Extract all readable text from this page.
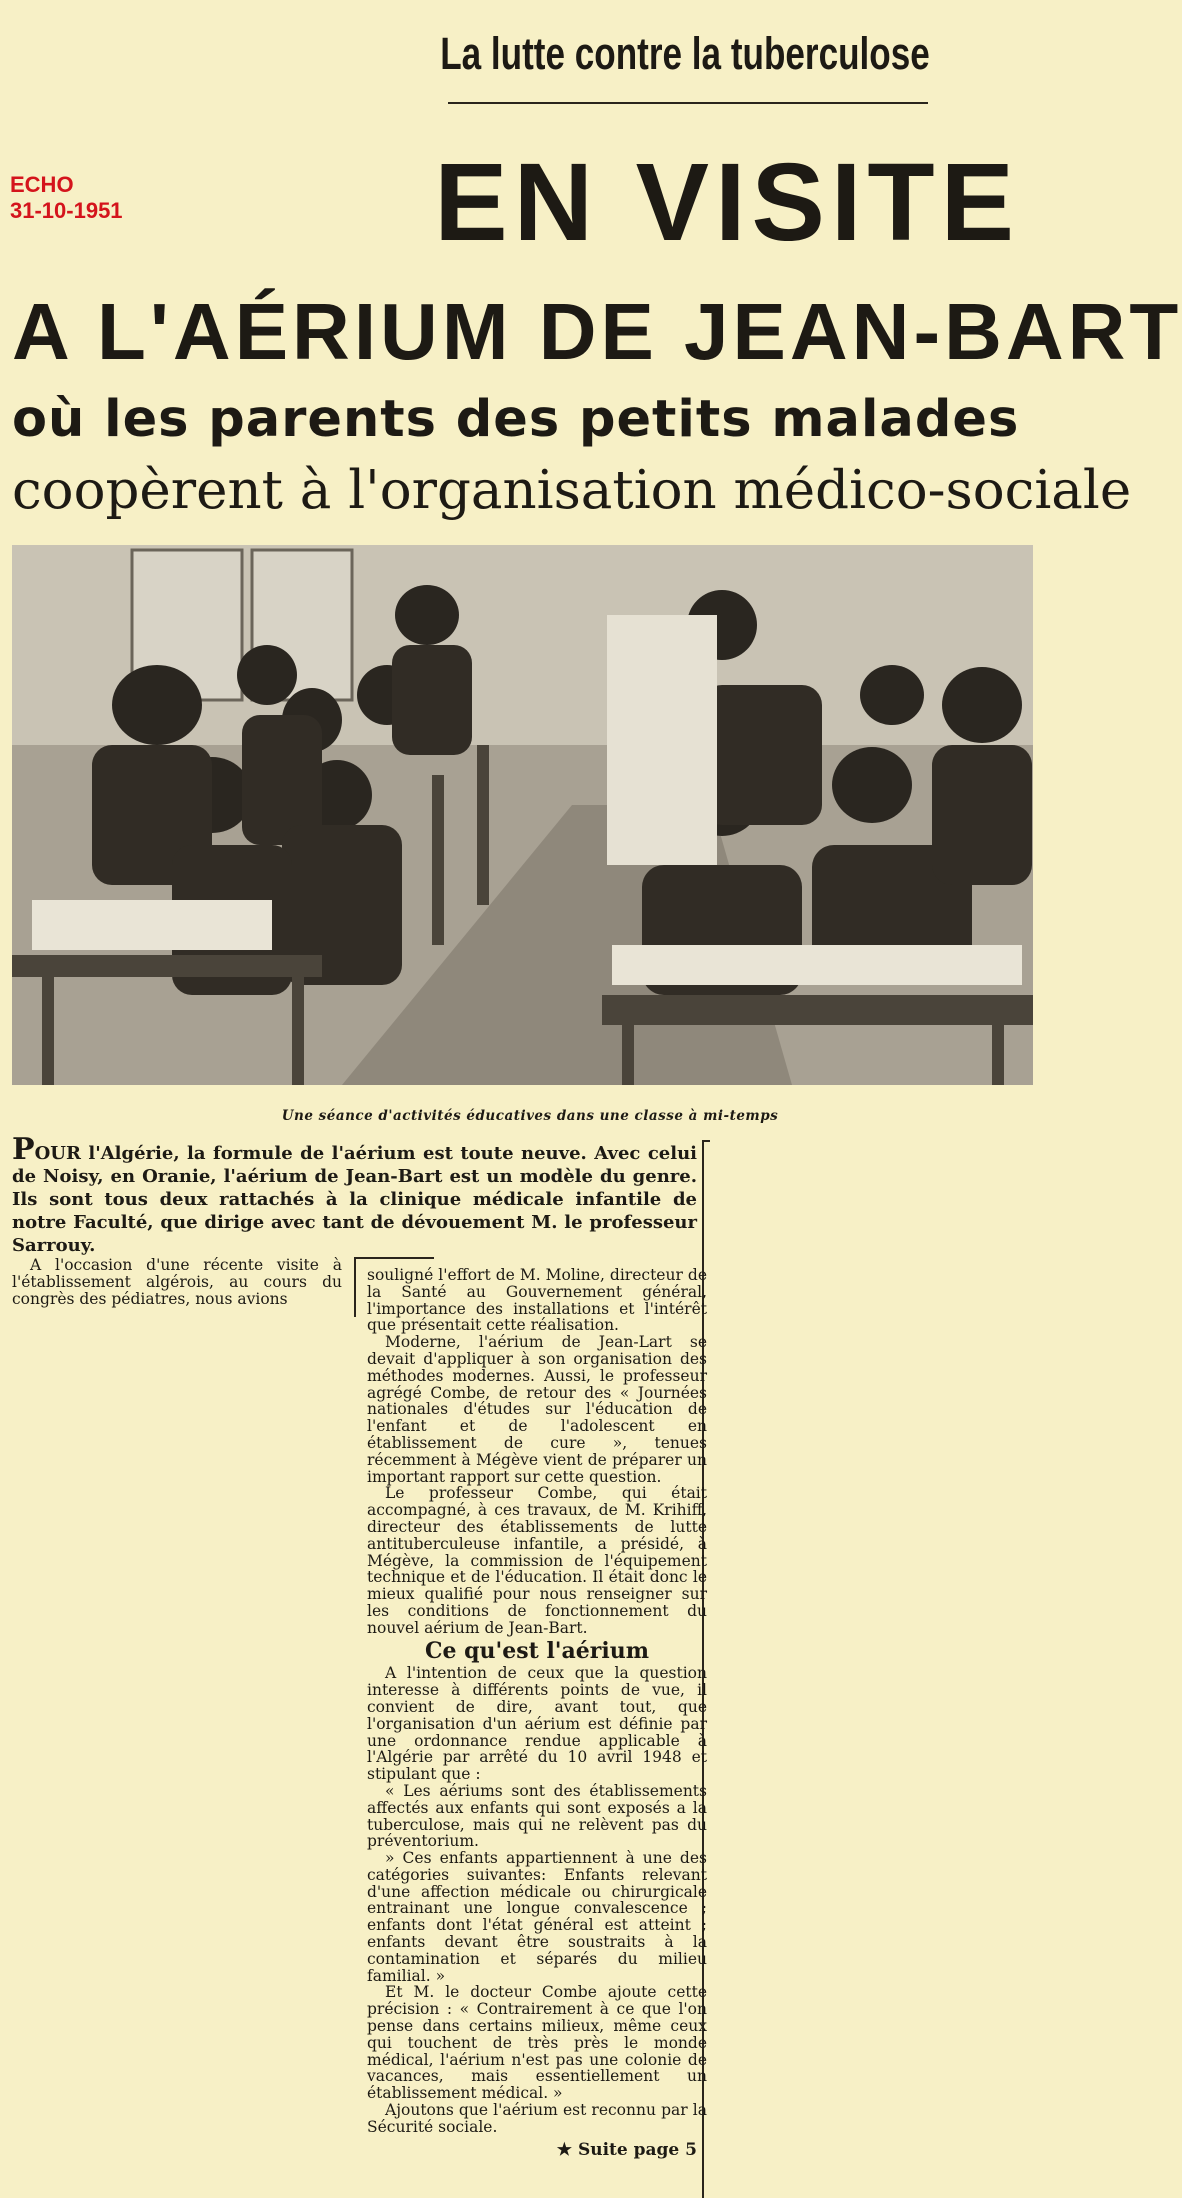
ECHO
31-10-1951
La lutte contre la tuberculose
EN VISITE
A L'AÉRIUM DE JEAN-BART
où les parents des petits malades
coopèrent à l'organisation médico-sociale
Une séance d'activités éducatives dans une classe à mi-temps
POUR l'Algérie, la formule de l'aérium est toute neuve. Avec celui de Noisy, en Oranie, l'aérium de Jean-Bart est un modèle du genre. Ils sont tous deux rattachés à la clinique médicale infantile de notre Faculté, que dirige avec tant de dévouement M. le professeur Sarrouy.

A l'occasion d'une récente visite à l'établissement algérois, au cours du congrès des pédiatres, nous avions

souligné l'effort de M. Moline, directeur de la Santé au Gouvernement général, l'importance des installations et l'intérêt que présentait cette réalisation.

Moderne, l'aérium de Jean-Lart se devait d'appliquer à son organisation des méthodes modernes. Aussi, le professeur agrégé Combe, de retour des « Journées nationales d'études sur l'éducation de l'enfant et de l'adolescent en établissement de cure », tenues récemment à Mégève vient de préparer un important rapport sur cette question.

Le professeur Combe, qui était accompagné, à ces travaux, de M. Krihiff, directeur des établissements de lutte antituberculeuse infantile, a présidé, à Mégève, la commission de l'équipement technique et de l'éducation. Il était donc le mieux qualifié pour nous renseigner sur les conditions de fonctionnement du nouvel aérium de Jean-Bart.

Ce qu'est l'aérium

A l'intention de ceux que la question interesse à différents points de vue, il convient de dire, avant tout, que l'organisation d'un aérium est définie par une ordonnance rendue applicable à l'Algérie par arrêté du 10 avril 1948 et stipulant que :

« Les aériums sont des établissements affectés aux enfants qui sont exposés a la tuberculose, mais qui ne relèvent pas du préventorium.

» Ces enfants appartiennent à une des catégories suivantes: Enfants relevant d'une affection médicale ou chirurgicale entrainant une longue convalescence ; enfants dont l'état général est atteint ; enfants devant être soustraits à la contamination et séparés du milieu familial. »

Et M. le docteur Combe ajoute cette précision : « Contrairement à ce que l'on pense dans certains milieux, même ceux qui touchent de très près le monde médical, l'aérium n'est pas une colonie de vacances, mais essentiellement un établissement médical. »

Ajoutons que l'aérium est reconnu par la Sécurité sociale.

★ Suite page 5
